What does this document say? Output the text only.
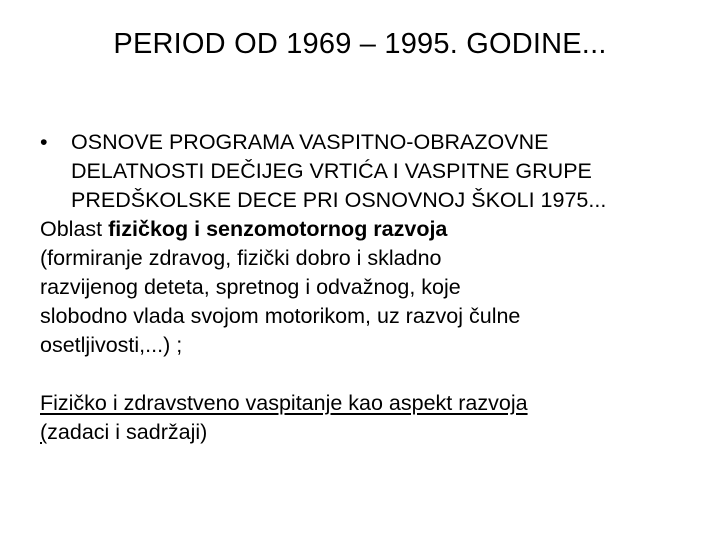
PERIOD OD 1969 – 1995. GODINE...
• OSNOVE PROGRAMA VASPITNO-OBRAZOVNE
DELATNOSTI DEČIJEG VRTIĆA I VASPITNE GRUPE
PREDŠKOLSKE DECE PRI OSNOVNOJ ŠKOLI 1975...
Oblast fizičkog i senzomotornog razvoja
(formiranje zdravog, fizički dobro i skladno
razvijenog deteta, spretnog i odvažnog, koje
slobodno vlada svojom motorikom, uz razvoj čulne
osetljivosti,...) ;
Fizičko i zdravstveno vaspitanje kao aspekt razvoja
(zadaci i sadržaji)
